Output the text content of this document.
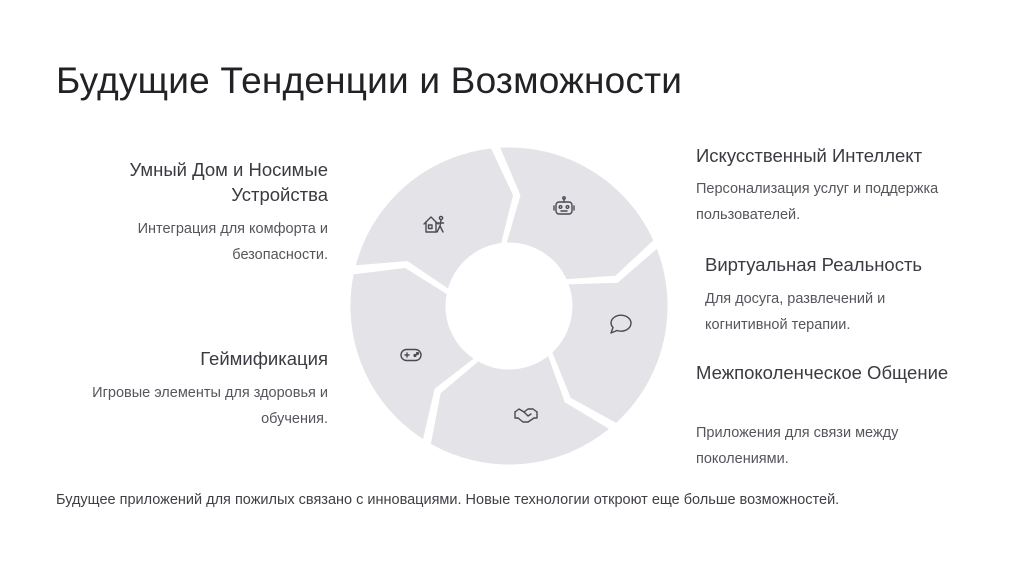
Будущие Тенденции и Возможности
Умный Дом и Носимые Устройства
Интеграция для комфорта и безопасности.
Геймификация
Игровые элементы для здоровья и обучения.
Искусственный Интеллект
Персонализация услуг и поддержка пользователей.
Виртуальная Реальность
Для досуга, развлечений и когнитивной терапии.
Межпоколенческое Общение
Приложения для связи между поколениями.
Будущее приложений для пожилых связано с инновациями. Новые технологии откроют еще больше возможностей.
